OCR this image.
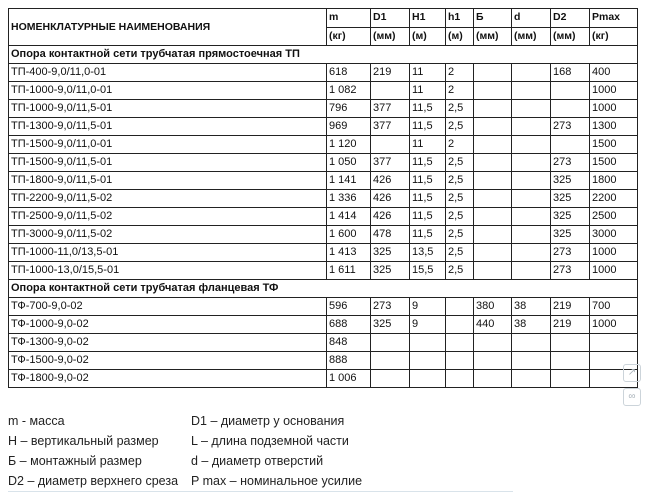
НОМЕНКЛАТУРНЫЕ НАИМЕНОВАНИЯ	m	D1	H1	h1	Б	d	D2	Pmax
	(кг)	(мм)	(м)	(м)	(мм)	(мм)	(мм)	(кг)
Опора контактной сети трубчатая прямостоечная ТП								
ТП-400-9,0/11,0-01	618	219	11	2			168	400
ТП-1000-9,0/11,0-01	1 082		11	2				1000
ТП-1000-9,0/11,5-01	796	377	11,5	2,5				1000
ТП-1300-9,0/11,5-01	969	377	11,5	2,5			273	1300
ТП-1500-9,0/11,0-01	1 120		11	2				1500
ТП-1500-9,0/11,5-01	1 050	377	11,5	2,5			273	1500
ТП-1800-9,0/11,5-01	1 141	426	11,5	2,5			325	1800
ТП-2200-9,0/11,5-02	1 336	426	11,5	2,5			325	2200
ТП-2500-9,0/11,5-02	1 414	426	11,5	2,5			325	2500
ТП-3000-9,0/11,5-02	1 600	478	11,5	2,5			325	3000
ТП-1000-11,0/13,5-01	1 413	325	13,5	2,5			273	1000
ТП-1000-13,0/15,5-01	1 611	325	15,5	2,5			273	1000
Опора контактной сети трубчатая фланцевая ТФ								
ТФ-700-9,0-02	596	273	9		380	38	219	700
ТФ-1000-9,0-02	688	325	9		440	38	219	1000
ТФ-1300-9,0-02	848							
ТФ-1500-9,0-02	888							
ТФ-1800-9,0-02	1 006							
m - масса	D1 – диаметр у основания
H – вертикальный размер	L – длина подземной части
Б – монтажный размер	d – диаметр отверстий
D2 – диаметр верхнего среза	P max – номинальное усилие
↗
∞
